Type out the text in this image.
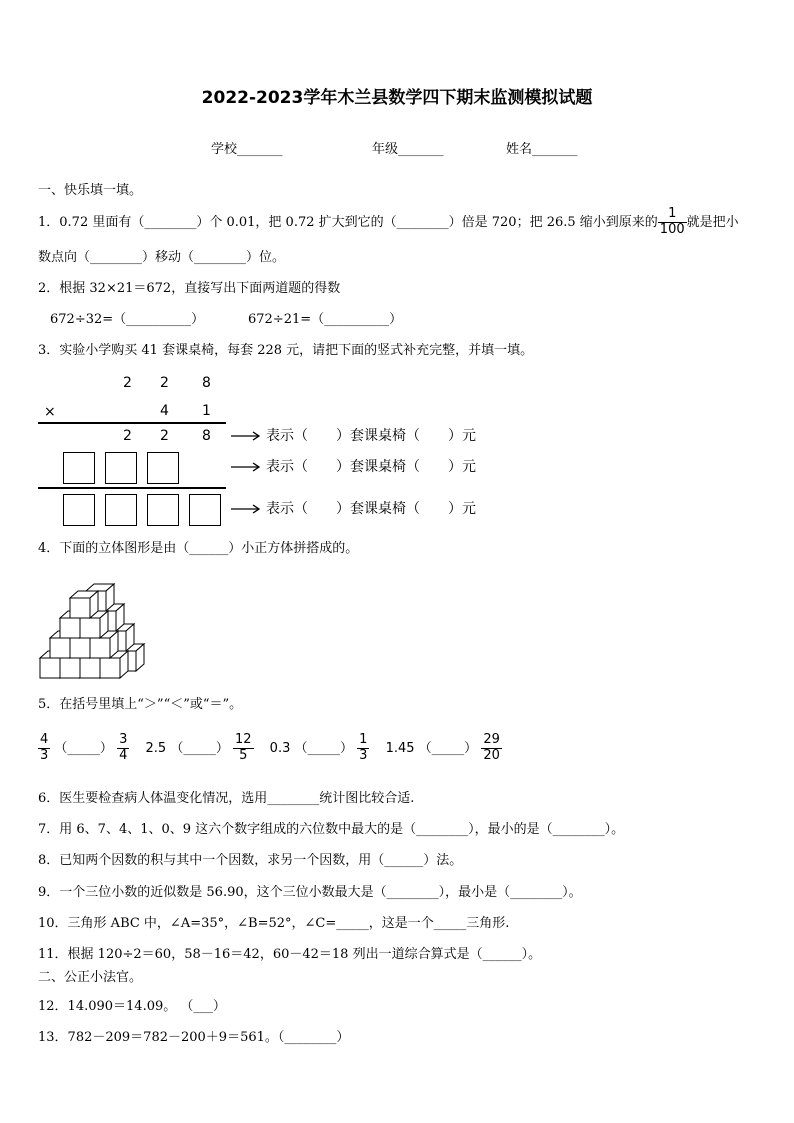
2022-2023学年木兰县数学四下期末监测模拟试题
学校_______	年级_______	姓名_______
一、快乐填一填。
1．0.72 里面有（________）个 0.01，把 0.72 扩大到它的（________）倍是 720；把 26.5 缩小到原来的 $\frac{1}{100}$ 就是把小
数点向（________）移动（________）位。
2．根据 32×21＝672，直接写出下面两道题的得数
672÷32=（__________）	672÷21=（__________）
3．实验小学购买 41 套课桌椅，每套 228 元，请把下面的竖式补充完整，并填一填。
2 2 8
×	4 1
2 2 8	表示（　　）套课桌椅（　　）元
表示（　　）套课桌椅（　　）元
表示（　　）套课桌椅（　　）元
4．下面的立体图形是由（______）小正方体拼搭成的。
5．在括号里填上“＞”“＜”或“＝”。
$\frac{4}{3}$ （_____） $\frac{3}{4} 2.5$ （_____） $\frac{12}{5} 0.3$ （_____） $\frac{1}{3} 1.45$ （_____） $\frac{29}{20}$
6．医生要检查病人体温变化情况，选用________统计图比较合适.
7．用 6、7、4、1、0、9 这六个数字组成的六位数中最大的是（________），最小的是（________）。
8．已知两个因数的积与其中一个因数，求另一个因数，用（______）法。
9．一个三位小数的近似数是 56.90，这个三位小数最大是（________），最小是（________）。
10．三角形 ABC 中，∠A=35°，∠B=52°，∠C=_____，这是一个_____三角形.
11．根据 120÷2＝60，58－16＝42，60－42＝18 列出一道综合算式是（______）。
二、公正小法官。
12．14.090＝14.09。 （___）
13．782－209＝782－200＋9＝561。（________）
